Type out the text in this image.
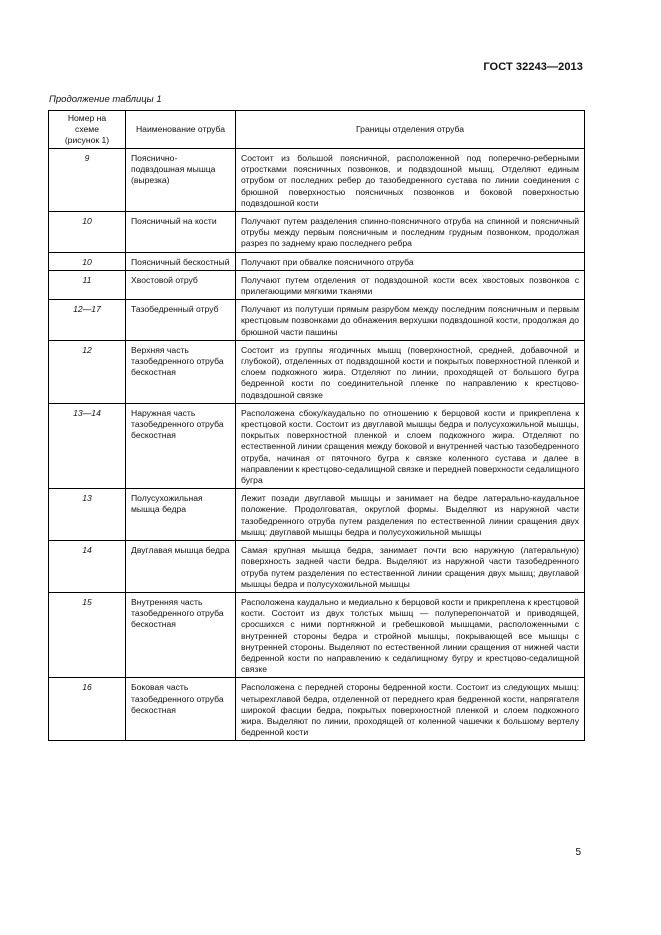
ГОСТ 32243—2013
Продолжение таблицы 1
Номер на схеме (рисунок 1)	Наименование отруба	Границы отделения отруба
9	Пояснично-подвздошная мышца (вырезка)	Состоит из большой поясничной, расположенной под поперечно-реберными отростками поясничных позвонков, и подвздошной мышц. Отделяют единым отрубом от последних ребер до тазобедренного сустава по линии соединения с брюшной поверхностью поясничных позвонков и боковой поверхностью подвздошной кости
10	Поясничный на кости	Получают путем разделения спинно-поясничного отруба на спинной и поясничный отрубы между первым поясничным и последним грудным позвонком, продолжая разрез по заднему краю последнего ребра
10	Поясничный бескостный	Получают при обвалке поясничного отруба
11	Хвостовой отруб	Получают путем отделения от подвздошной кости всех хвостовых позвонков с прилегающими мягкими тканями
12—17	Тазобедренный отруб	Получают из полутуши прямым разрубом между последним поясничным и первым крестцовым позвонками до обнажения верхушки подвздошной кости, продолжая до брюшной части пашины
12	Верхняя часть тазобедренного отруба бескостная	Состоит из группы ягодичных мышц (поверхностной, средней, добавочной и глубокой), отделенных от подвздошной кости и покрытых поверхностной пленкой и слоем подкожного жира. Отделяют по линии, проходящей от большого бугра бедренной кости по соединительной пленке по направлению к крестцово-подвздошной связке
13—14	Наружная часть тазобедренного отруба бескостная	Расположена сбоку/каудально по отношению к берцовой кости и прикреплена к крестцовой кости. Состоит из двуглавой мышцы бедра и полусухожильной мышцы, покрытых поверхностной пленкой и слоем подкожного жира. Отделяют по естественной линии сращения между боковой и внутренней частью тазобедренного отруба, начиная от пяточного бугра к связке коленного сустава и далее в направлении к крестцово-седалищной связке и передней поверхности седалищного бугра
13	Полусухожильная мышца бедра	Лежит позади двуглавой мышцы и занимает на бедре латерально-каудальное положение. Продолговатая, округлой формы. Выделяют из наружной части тазобедренного отруба путем разделения по естественной линии сращения двух мышц: двуглавой мышцы бедра и полусухожильной мышцы
14	Двуглавая мышца бедра	Самая крупная мышца бедра, занимает почти всю наружную (латеральную) поверхность задней части бедра. Выделяют из наружной части тазобедренного отруба путем разделения по естественной линии сращения двух мышц; двуглавой мышцы бедра и полусухожильной мышцы
15	Внутренняя часть тазобедренного отруба бескостная	Расположена каудально и медиально к берцовой кости и прикреплена к крестцовой кости. Состоит из двух толстых мышц — полуперепончатой и приводящей, сросшихся с ними портняжной и гребешковой мышцами, расположенными с внутренней стороны бедра и стройной мышцы, покрывающей все мышцы с внутренней стороны. Выделяют по естественной линии сращения от нижней части бедренной кости по направлению к седалищному бугру и крестцово-седалищной связке
16	Боковая часть тазобедренного отруба бескостная	Расположена с передней стороны бедренной кости. Состоит из следующих мышц: четырехглавой бедра, отделенной от переднего края бедренной кости, напрягателя широкой фасции бедра, покрытых поверхностной пленкой и слоем подкожного жира. Выделяют по линии, проходящей от коленной чашечки к большому вертелу бедренной кости
5
